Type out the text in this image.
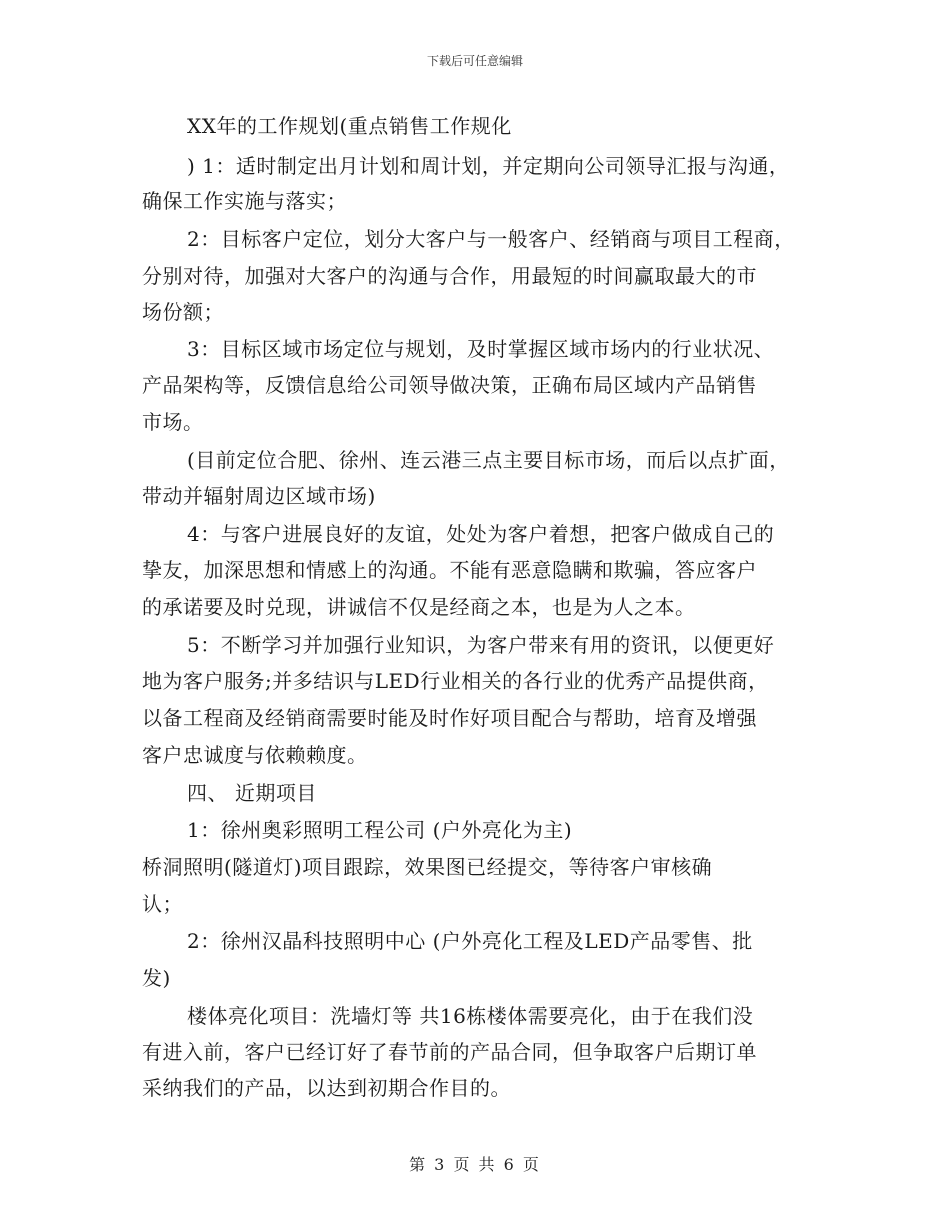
下载后可任意编辑
XX年的工作规划(重点销售工作规化
) 1：适时制定出月计划和周计划，并定期向公司领导汇报与沟通，
确保工作实施与落实；
2：目标客户定位，划分大客户与一般客户、经销商与项目工程商，
分别对待，加强对大客户的沟通与合作，用最短的时间赢取最大的市
场份额；
3：目标区域市场定位与规划，及时掌握区域市场内的行业状况、
产品架构等，反馈信息给公司领导做决策，正确布局区域内产品销售
市场。
(目前定位合肥、徐州、连云港三点主要目标市场，而后以点扩面，
带动并辐射周边区域市场)
4：与客户进展良好的友谊，处处为客户着想，把客户做成自己的
挚友，加深思想和情感上的沟通。不能有恶意隐瞒和欺骗，答应客户
的承诺要及时兑现，讲诚信不仅是经商之本，也是为人之本。
5：不断学习并加强行业知识，为客户带来有用的资讯，以便更好
地为客户服务;并多结识与LED行业相关的各行业的优秀产品提供商，
以备工程商及经销商需要时能及时作好项目配合与帮助，培育及增强
客户忠诚度与依赖赖度。
四、 近期项目
1：徐州奥彩照明工程公司 (户外亮化为主)
桥洞照明(隧道灯)项目跟踪，效果图已经提交，等待客户审核确
认；
2：徐州汉晶科技照明中心 (户外亮化工程及LED产品零售、批
发)
楼体亮化项目：洗墙灯等 共16栋楼体需要亮化，由于在我们没
有进入前，客户已经订好了春节前的产品合同，但争取客户后期订单
采纳我们的产品，以达到初期合作目的。
第 3 页 共 6 页
